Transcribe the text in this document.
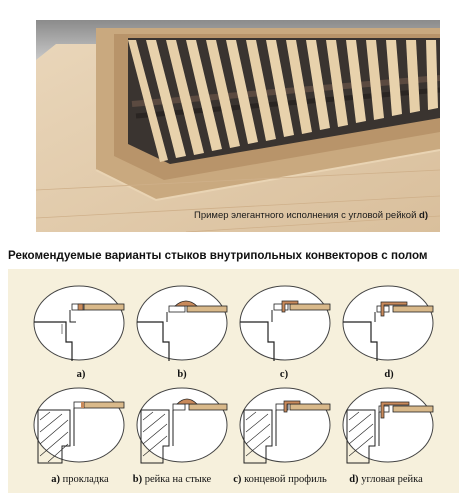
Пример элегантного исполнения с угловой рейкой d)
Рекомендуемые варианты стыков внутрипольных конвекторов с полом
a)	b)	c)	d)
a) прокладка	b) рейка на стыке	c) концевой профиль	d) угловая рейка
